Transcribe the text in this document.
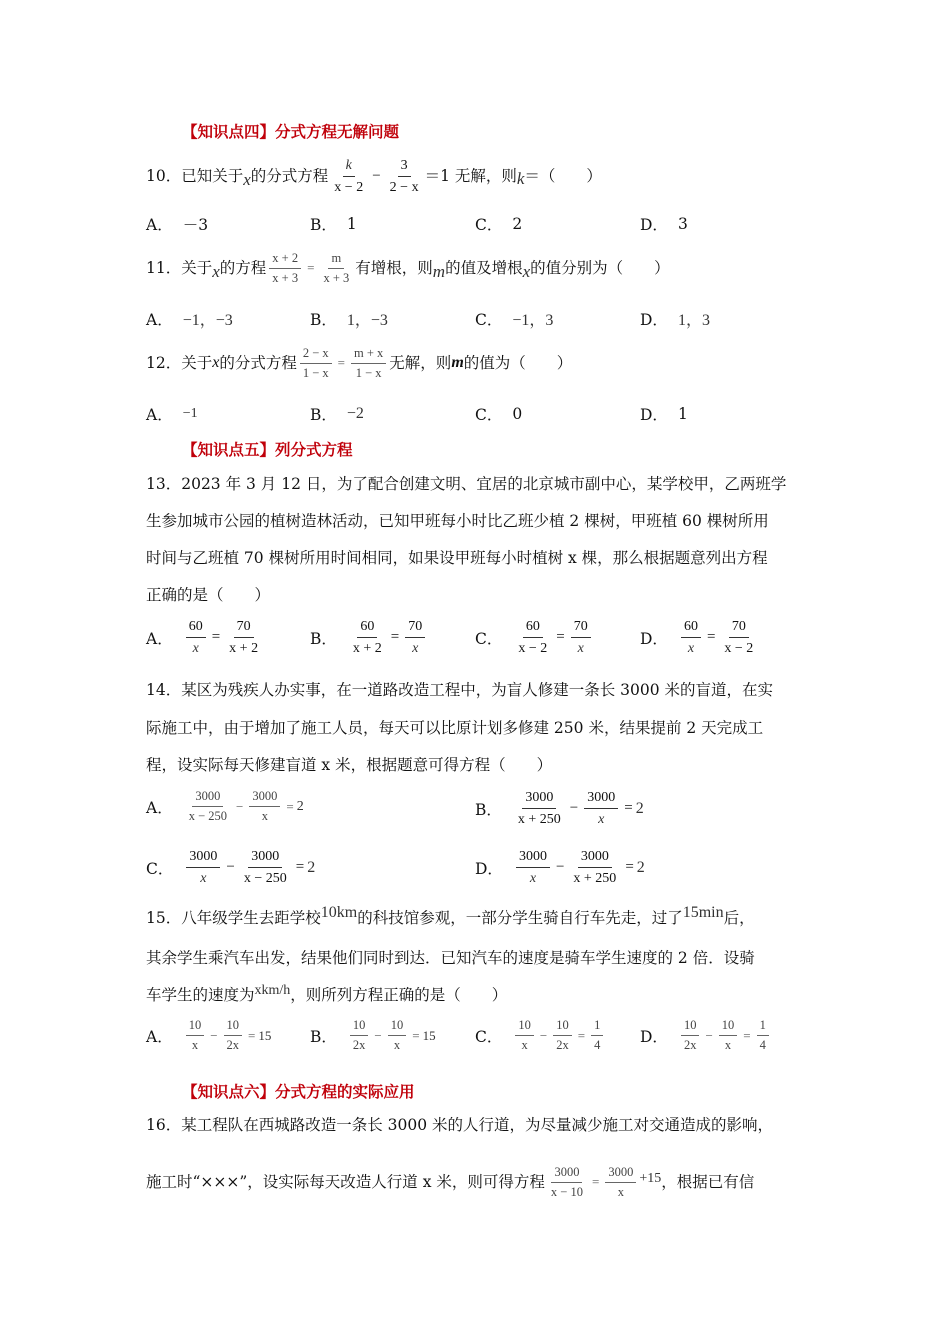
【知识点四】分式方程无解问题
10．已知关于 x 的分式方程 $\frac{k}{x - 2} - \frac{3}{2 - x} =1$ 无解，则 k ＝（　　）
A． －3	B． 1	C． 2	D． 3
11．关于 x 的方程 $\frac{x + 2}{x + 3} = \frac{m}{x + 3}$ 有增根，则 m 的值及增根 x 的值分别为（　　）
A． −1，−3	B． 1，−3	C． −1，3	D． 1，3
12．关于 x 的分式方程 $\frac{2 - x}{1 - x} = \frac{m + x}{1 - x}$ 无解，则 m 的值为（　　）
A． −1	B． −2	C． 0	D． 1
【知识点五】列分式方程
13．2023 年 3 月 12 日，为了配合创建文明、宜居的北京城市副中心，某学校甲，乙两班学
生参加城市公园的植树造林活动，已知甲班每小时比乙班少植 2 棵树，甲班植 60 棵树所用
时间与乙班植 70 棵树所用时间相同，如果设甲班每小时植树 x 棵，那么根据题意列出方程
正确的是（　　）
A． $\frac{60}{x} = \frac{70}{x + 2}$	B． $\frac{60}{x + 2} = \frac{70}{x}$	C． $\frac{60}{x - 2} = \frac{70}{x}$	D． $\frac{60}{x} = \frac{70}{x - 2}$
14．某区为残疾人办实事，在一道路改造工程中，为盲人修建一条长 3000 米的盲道，在实
际施工中，由于增加了施工人员，每天可以比原计划多修建 250 米，结果提前 2 天完成工
程，设实际每天修建盲道 x 米，根据题意可得方程（　　）
A． $\frac{3000}{x - 250} - \frac{3000}{x} = 2$	B． $\frac{3000}{x + 250} - \frac{3000}{x} = 2$
C． $\frac{3000}{x} - \frac{3000}{x - 250} = 2$	D． $\frac{3000}{x} - \frac{3000}{x + 250} = 2$
15．八年级学生去距学校 10km 的科技馆参观，一部分学生骑自行车先走，过了 15min 后，
其余学生乘汽车出发，结果他们同时到达．已知汽车的速度是骑车学生速度的 2 倍．设骑
车学生的速度为 xkm/h ，则所列方程正确的是（　　）
A． $\frac{10}{x} - \frac{10}{2x} = 15$ B． $\frac{10}{2x} - \frac{10}{x} = 15$	C． $\frac{10}{x} - \frac{10}{2x} = \frac{1}{4}$ D． $\frac{10}{2x} - \frac{10}{x} = \frac{1}{4}$
【知识点六】分式方程的实际应用
16．某工程队在西城路改造一条长 3000 米的人行道，为尽量减少施工对交通造成的影响，
施工时“×××”，设实际每天改造人行道 x 米，则可得方程 $\frac{3000}{x - 10} = \frac{3000}{x} +15$ ，根据已有信
